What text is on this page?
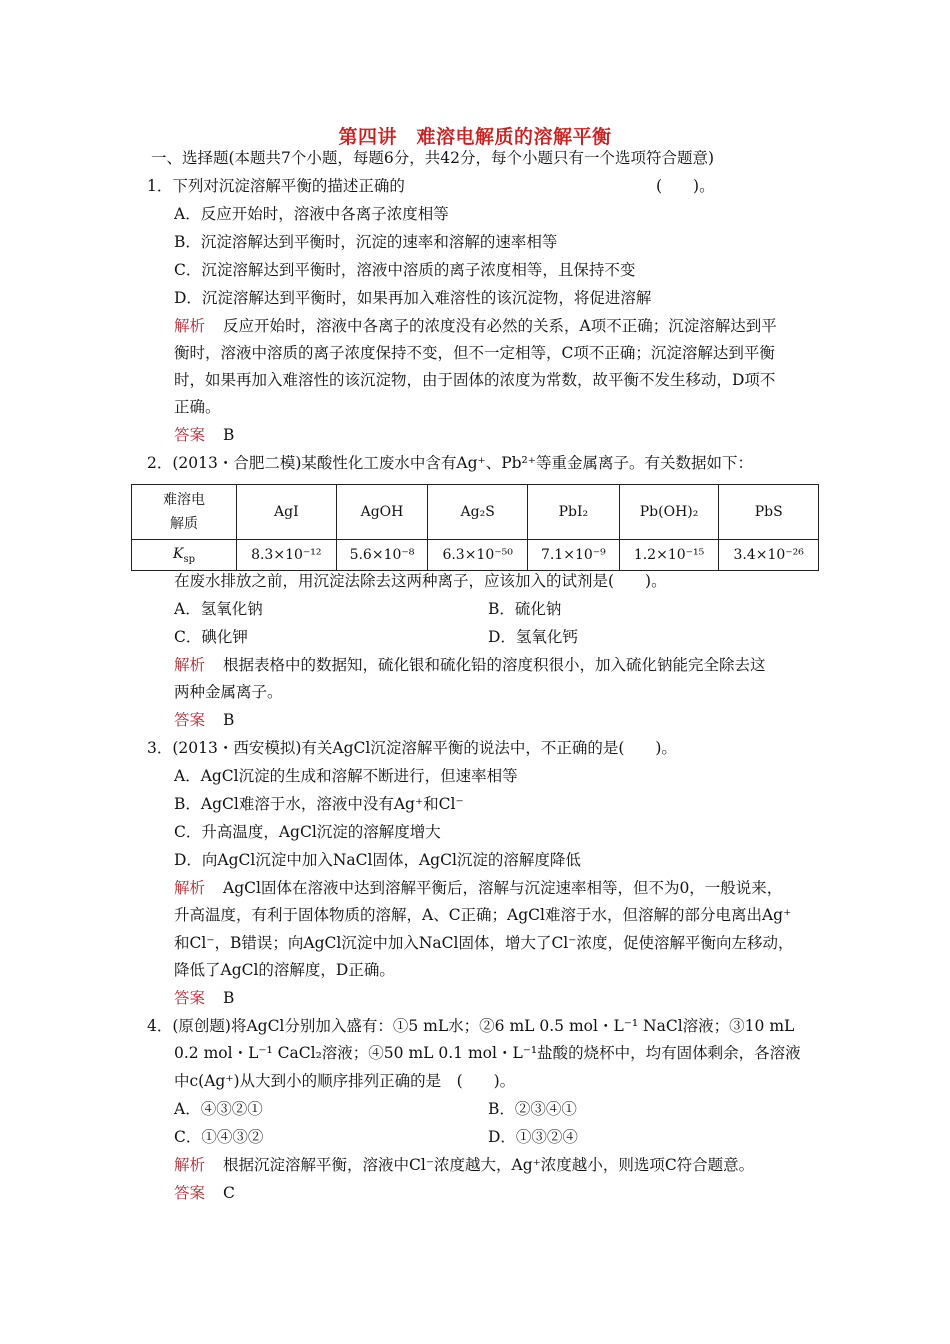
第四讲　难溶电解质的溶解平衡
一、选择题(本题共7个小题，每题6分，共42分，每个小题只有一个选项符合题意)
1．下列对沉淀溶解平衡的描述正确的	(　　)。
A．反应开始时，溶液中各离子浓度相等
B．沉淀溶解达到平衡时，沉淀的速率和溶解的速率相等
C．沉淀溶解达到平衡时，溶液中溶质的离子浓度相等，且保持不变
D．沉淀溶解达到平衡时，如果再加入难溶性的该沉淀物，将促进溶解
解析 反应开始时，溶液中各离子的浓度没有必然的关系，A项不正确；沉淀溶解达到平
衡时，溶液中溶质的离子浓度保持不变，但不一定相等，C项不正确；沉淀溶解达到平衡
时，如果再加入难溶性的该沉淀物，由于固体的浓度为常数，故平衡不发生移动，D项不
正确。
答案 B
2．(2013・合肥二模)某酸性化工废水中含有Ag⁺、Pb²⁺等重金属离子。有关数据如下：
难溶电
解质	AgI	AgOH	Ag₂S	PbI₂	Pb(OH)₂	PbS
$K_{sp}$	8.3×10⁻¹²	5.6×10⁻⁸	6.3×10⁻⁵⁰	7.1×10⁻⁹	1.2×10⁻¹⁵	3.4×10⁻²⁶
在废水排放之前，用沉淀法除去这两种离子，应该加入的试剂是(　　)。
A．氢氧化钠	B．硫化钠
C．碘化钾	D．氢氧化钙
解析 根据表格中的数据知，硫化银和硫化铅的溶度积很小，加入硫化钠能完全除去这
两种金属离子。
答案 B
3．(2013・西安模拟)有关AgCl沉淀溶解平衡的说法中，不正确的是(　　)。
A．AgCl沉淀的生成和溶解不断进行，但速率相等
B．AgCl难溶于水，溶液中没有Ag⁺和Cl⁻
C．升高温度，AgCl沉淀的溶解度增大
D．向AgCl沉淀中加入NaCl固体，AgCl沉淀的溶解度降低
解析 AgCl固体在溶液中达到溶解平衡后，溶解与沉淀速率相等，但不为0，一般说来，
升高温度，有利于固体物质的溶解，A、C正确；AgCl难溶于水，但溶解的部分电离出Ag⁺
和Cl⁻，B错误；向AgCl沉淀中加入NaCl固体，增大了Cl⁻浓度，促使溶解平衡向左移动，
降低了AgCl的溶解度，D正确。
答案 B
4．(原创题)将AgCl分别加入盛有：①5 mL水；②6 mL 0.5 mol・L⁻¹ NaCl溶液；③10 mL
0.2 mol・L⁻¹ CaCl₂溶液；④50 mL 0.1 mol・L⁻¹盐酸的烧杯中，均有固体剩余，各溶液
中c(Ag⁺)从大到小的顺序排列正确的是　(　　)。
A．④③②①	B．②③④①
C．①④③②	D．①③②④
解析 根据沉淀溶解平衡，溶液中Cl⁻浓度越大，Ag⁺浓度越小，则选项C符合题意。
答案 C
